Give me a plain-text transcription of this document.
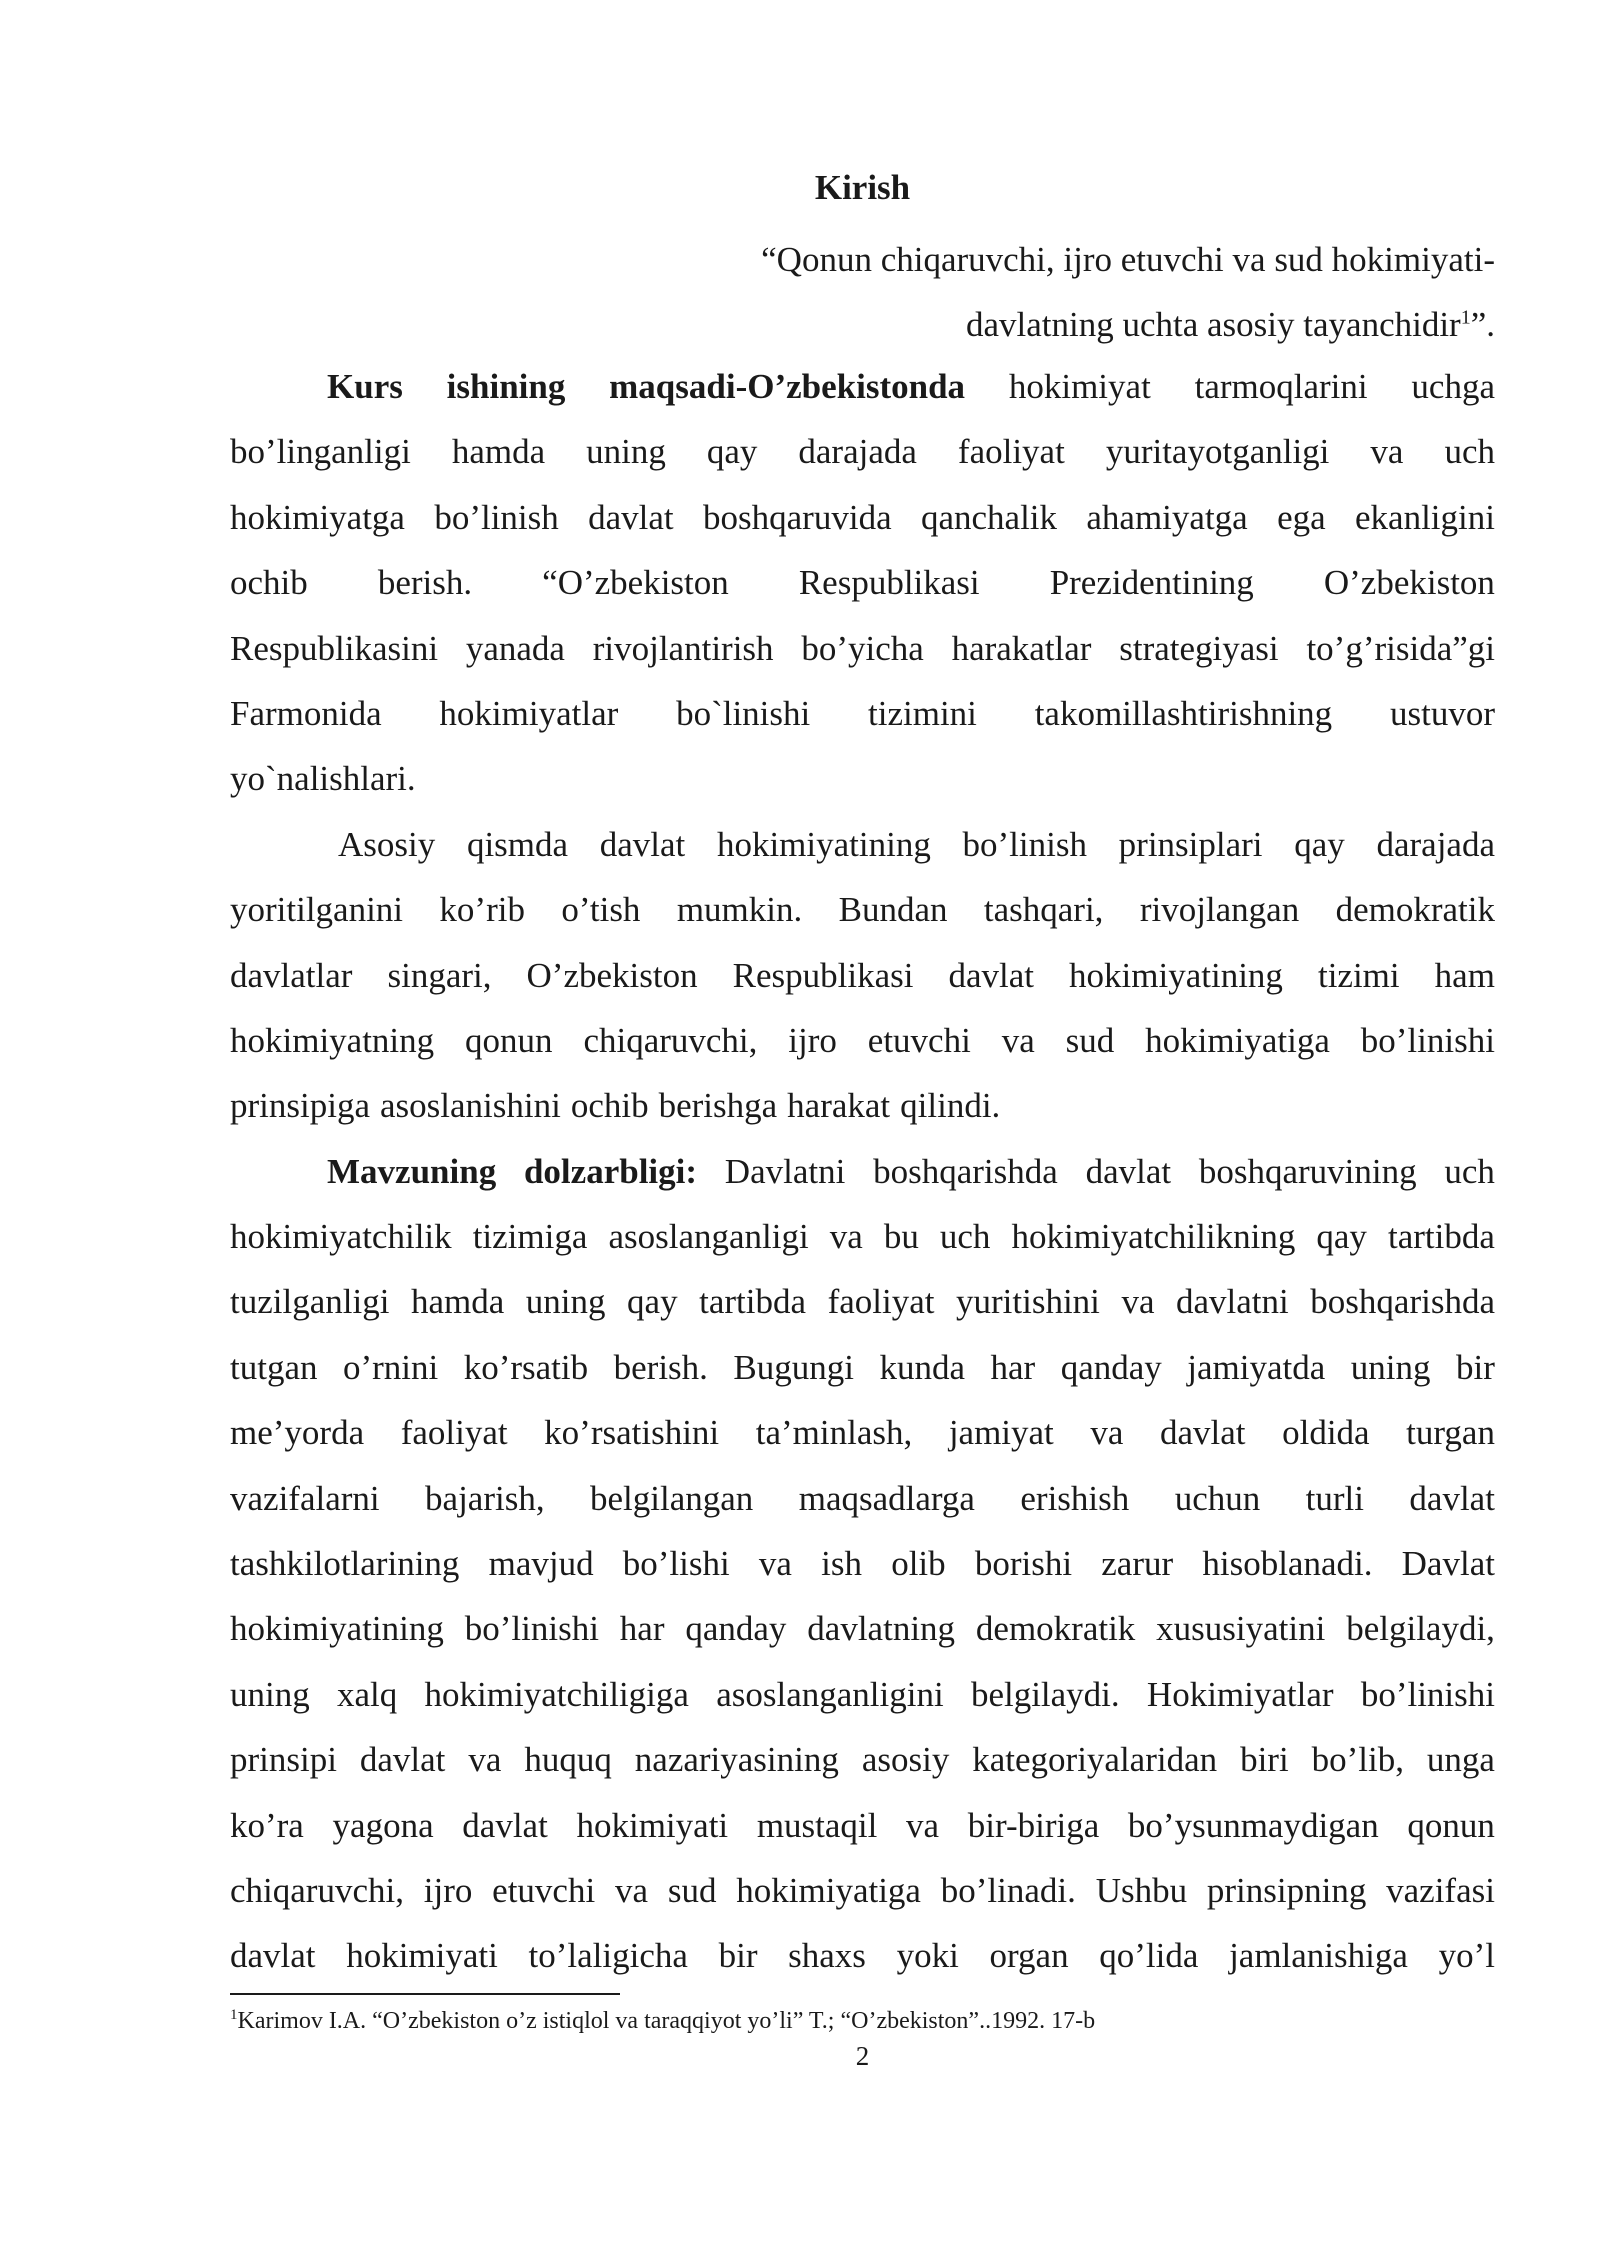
Kirish
“Qonun chiqaruvchi, ijro etuvchi va sud hokimiyati-
davlatning uchta asosiy tayanchidir$^1$”.
Kurs ishining maqsadi-O’zbekistonda hokimiyat tarmoqlarini uchga
bo’linganligi hamda uning qay darajada faoliyat yuritayotganligi va uch
hokimiyatga bo’linish davlat boshqaruvida qanchalik ahamiyatga ega ekanligini
ochib berish. “O’zbekiston Respublikasi Prezidentining O’zbekiston
Respublikasini yanada rivojlantirish bo’yicha harakatlar strategiyasi to’g’risida”gi
Farmonida hokimiyatlar bo`linishi tizimini takomillashtirishning ustuvor
yo`nalishlari.
Asosiy qismda davlat hokimiyatining bo’linish prinsiplari qay darajada
yoritilganini ko’rib o’tish mumkin. Bundan tashqari, rivojlangan demokratik
davlatlar singari, O’zbekiston Respublikasi davlat hokimiyatining tizimi ham
hokimiyatning qonun chiqaruvchi, ijro etuvchi va sud hokimiyatiga bo’linishi
prinsipiga asoslanishini ochib berishga harakat qilindi.
Mavzuning dolzarbligi: Davlatni boshqarishda davlat boshqaruvining uch
hokimiyatchilik tizimiga asoslanganligi va bu uch hokimiyatchilikning qay tartibda
tuzilganligi hamda uning qay tartibda faoliyat yuritishini va davlatni boshqarishda
tutgan o’rnini ko’rsatib berish. Bugungi kunda har qanday jamiyatda uning bir
me’yorda faoliyat ko’rsatishini ta’minlash, jamiyat va davlat oldida turgan
vazifalarni bajarish, belgilangan maqsadlarga erishish uchun turli davlat
tashkilotlarining mavjud bo’lishi va ish olib borishi zarur hisoblanadi. Davlat
hokimiyatining bo’linishi har qanday davlatning demokratik xususiyatini belgilaydi,
uning xalq hokimiyatchiligiga asoslanganligini belgilaydi. Hokimiyatlar bo’linishi
prinsipi davlat va huquq nazariyasining asosiy kategoriyalaridan biri bo’lib, unga
ko’ra yagona davlat hokimiyati mustaqil va bir-biriga bo’ysunmaydigan qonun
chiqaruvchi, ijro etuvchi va sud hokimiyatiga bo’linadi. Ushbu prinsipning vazifasi
davlat hokimiyati to’laligicha bir shaxs yoki organ qo’lida jamlanishiga yo’l
$^1$Karimov I.A. “O’zbekiston o’z istiqlol va taraqqiyot yo’li” T.; “O’zbekiston”..1992. 17-b
2
